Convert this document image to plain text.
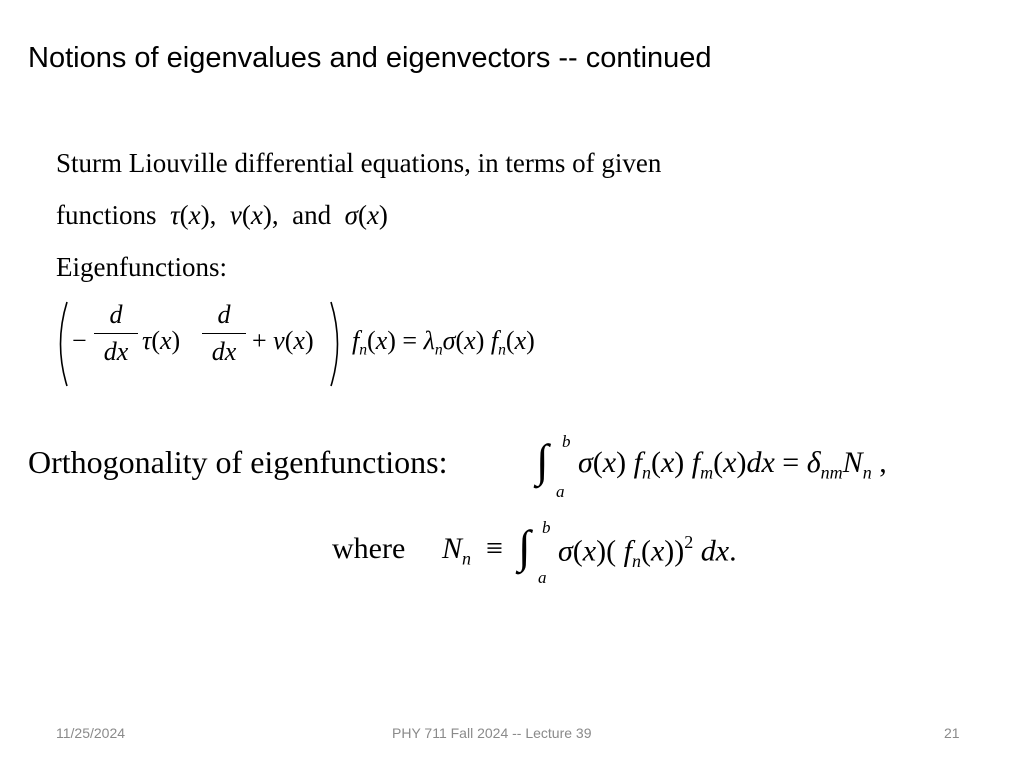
Notions of eigenvalues and eigenvectors -- continued
Sturm Liouville differential equations, in terms of given
functions τ(x),  v(x),  and σ(x)
Eigenfunctions:
−
d
dx τ(x)
d
dx + v(x) $f_n(x) = \lambda_n\sigma(x)$ $f_n(x)$
Orthogonality of eigenfunctions:
b
∫
a
σ(x) $f_n(x) f_m(x)dx = \delta_{nm}N_n$ ,
where $N_n$  ≡
b
∫
a
σ(x)( $f_n(x))^2$ dx.
11/25/2024	PHY 711 Fall 2024 -- Lecture 39	21
